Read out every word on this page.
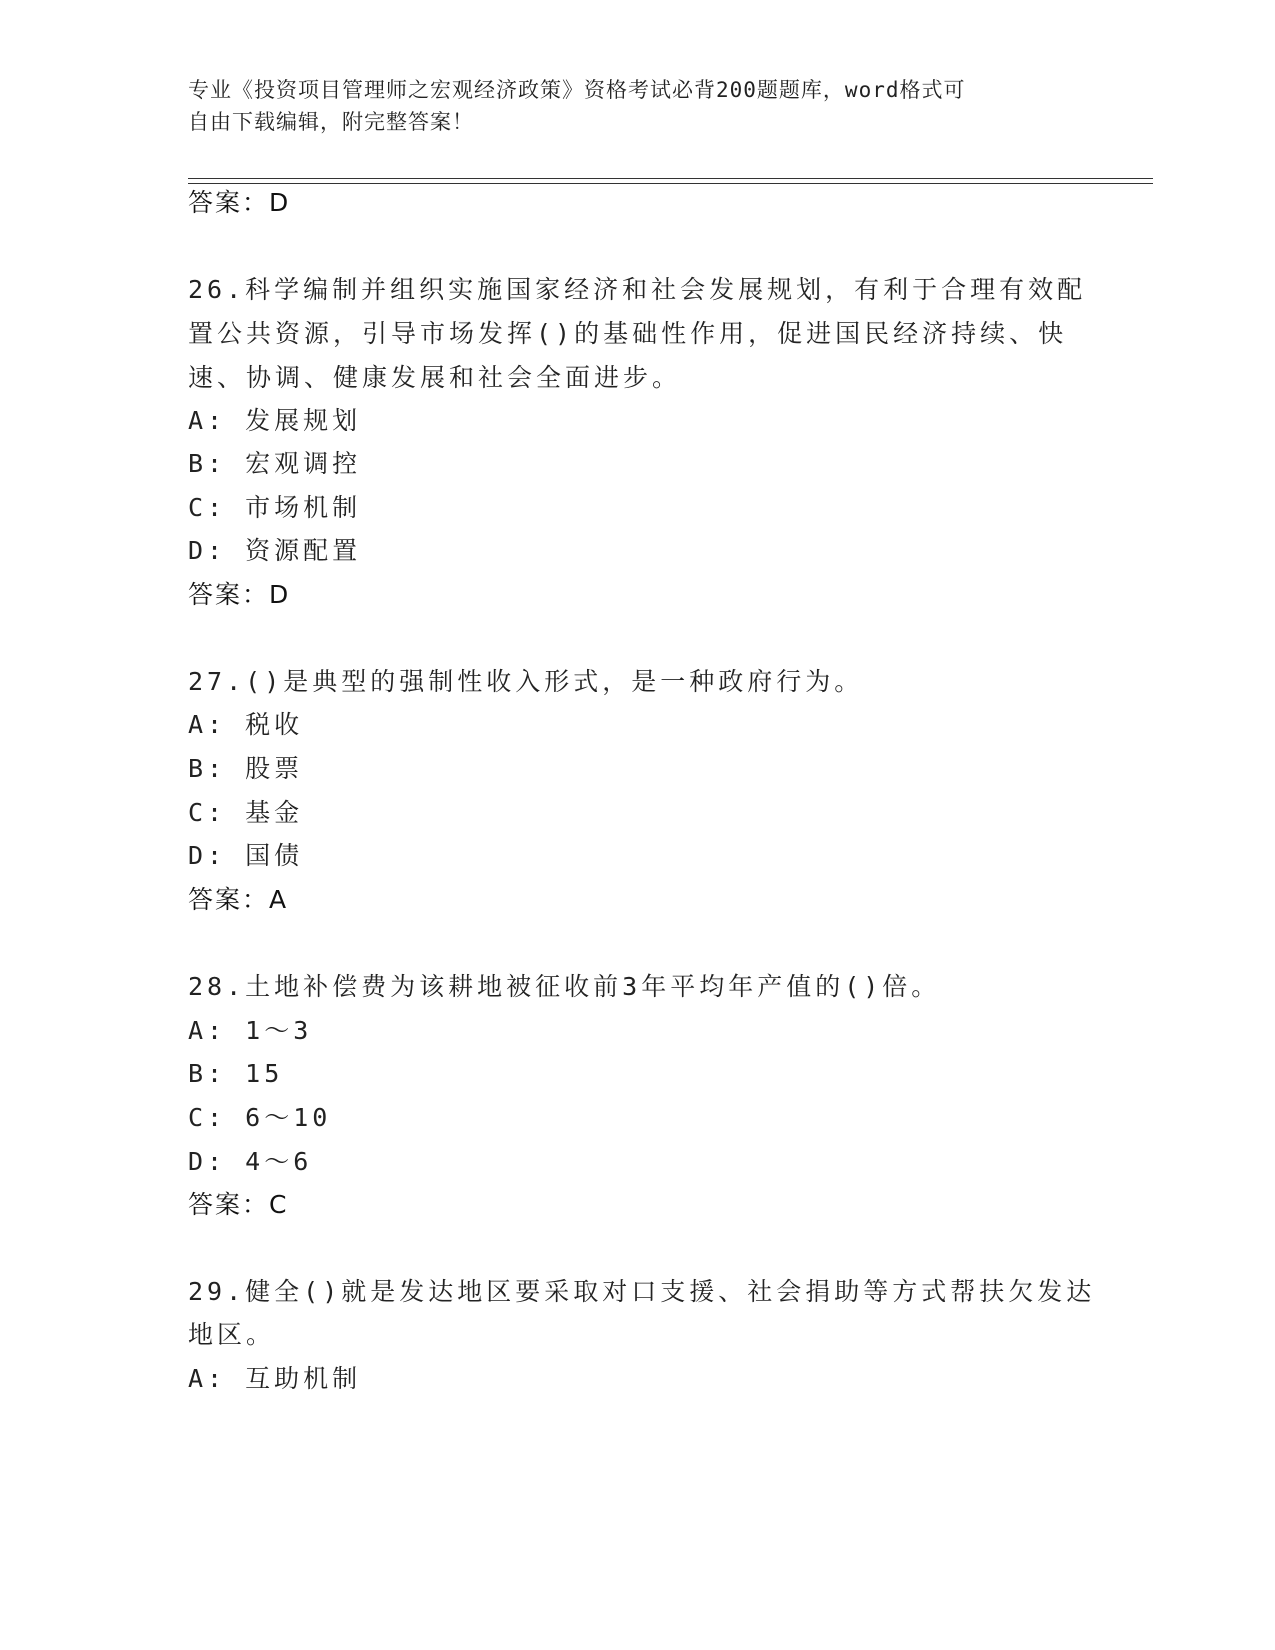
专业《投资项目管理师之宏观经济政策》资格考试必背200题题库，word格式可
自由下载编辑，附完整答案！
答案：D
26.科学编制并组织实施国家经济和社会发展规划，有利于合理有效配
置公共资源，引导市场发挥()的基础性作用，促进国民经济持续、快
速、协调、健康发展和社会全面进步。
A: 发展规划
B: 宏观调控
C: 市场机制
D: 资源配置
答案：D
27.()是典型的强制性收入形式，是一种政府行为。
A: 税收
B: 股票
C: 基金
D: 国债
答案：A
28.土地补偿费为该耕地被征收前3年平均年产值的()倍。
A: 1～3
B: 15
C: 6～10
D: 4～6
答案：C
29.健全()就是发达地区要采取对口支援、社会捐助等方式帮扶欠发达
地区。
A: 互助机制
